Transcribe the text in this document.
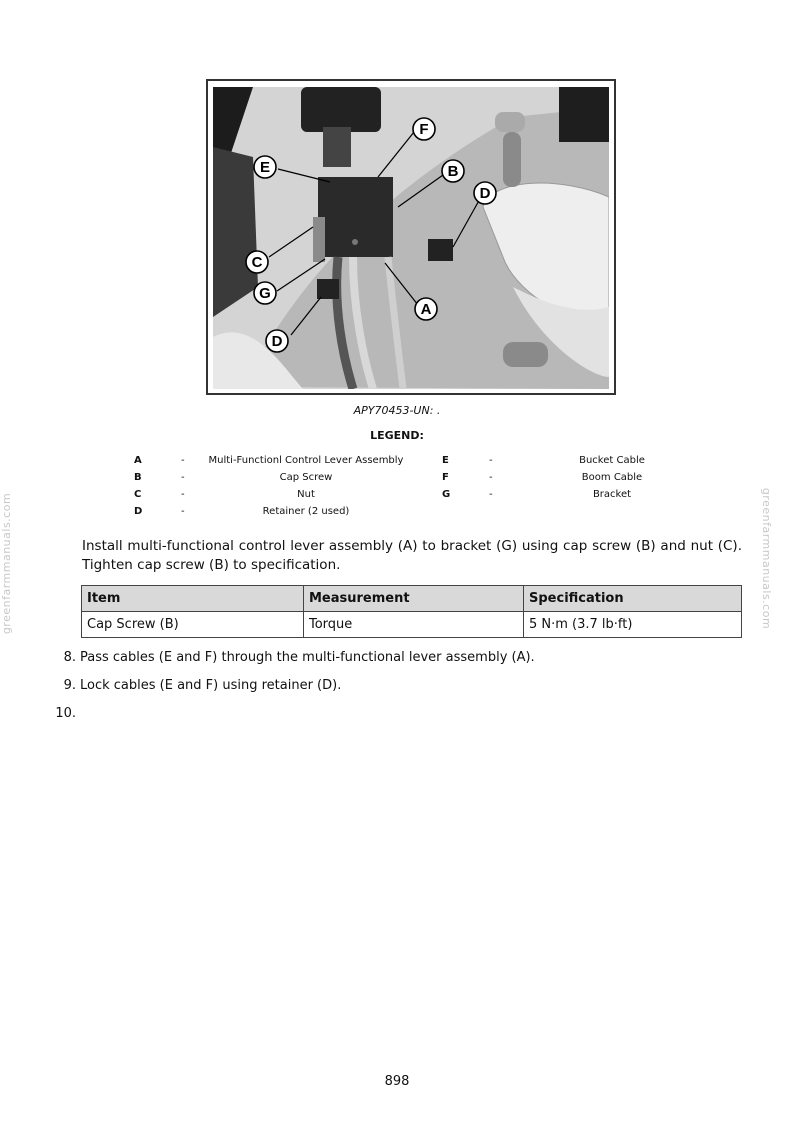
F
E	B
D
C
G
A
D
APY70453-UN: .
LEGEND:
A	-	Multi-Functionl Control Lever Assembly	E	-	Bucket Cable
B	-	Cap Screw	F	-	Boom Cable
C	-	Nut	G	-	Bracket
D	-	Retainer (2 used)
Install multi-functional control lever assembly (A) to bracket (G) using cap screw (B) and nut (C). Tighten cap screw (B) to specification.
Item	Measurement	Specification
Cap Screw (B)	Torque	5 N·m (3.7 lb·ft)
8. Pass cables (E and F) through the multi-functional lever assembly (A).
9. Lock cables (E and F) using retainer (D).
10.
greenfarmmanuals.com	greenfarmmanuals.com
898
